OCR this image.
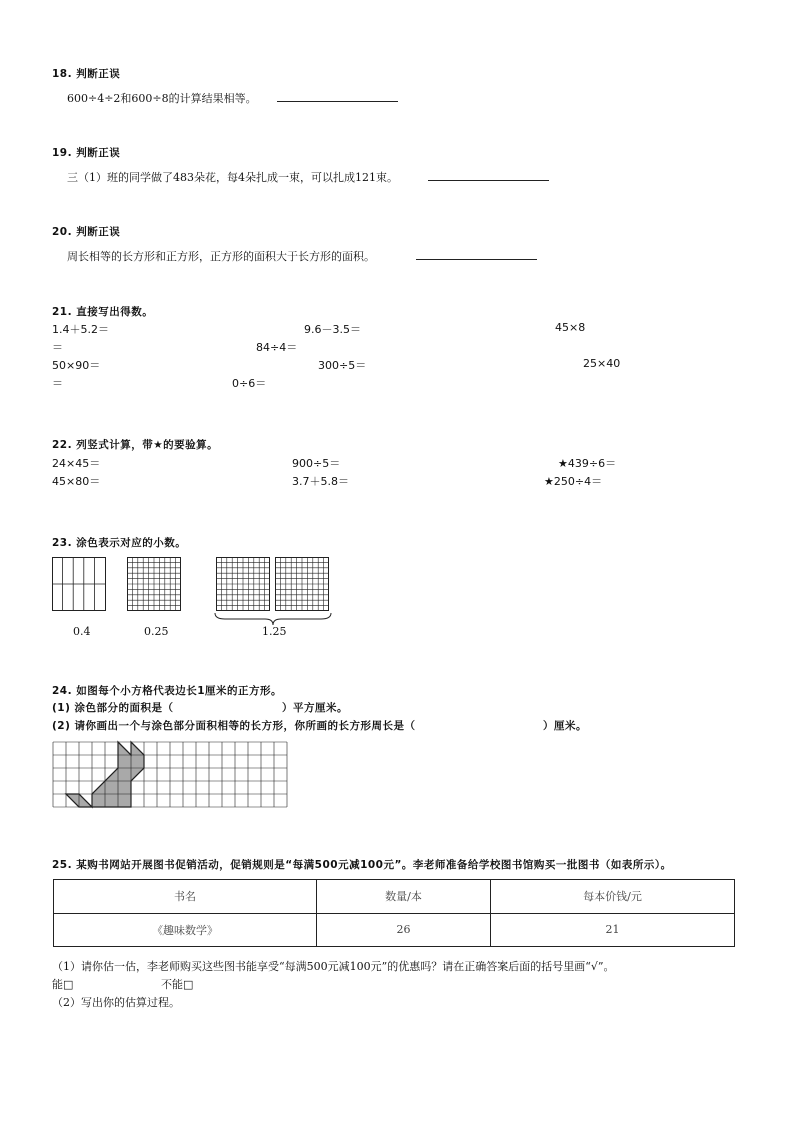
18. 判断正误
600÷4÷2和600÷8的计算结果相等。
19. 判断正误
三（1）班的同学做了483朵花，每4朵扎成一束，可以扎成121束。
20. 判断正误
周长相等的长方形和正方形，正方形的面积大于长方形的面积。
21. 直接写出得数。
1.4＋5.2＝	9.6－3.5＝	45×8
＝	84÷4＝
50×90＝	300÷5＝	25×40
＝	0÷6＝
22. 列竖式计算，带★的要验算。
24×45＝	900÷5＝	★439÷6＝
45×80＝	3.7＋5.8＝	★250÷4＝
23. 涂色表示对应的小数。
0.4	0.25	1.25
24. 如图每个小方格代表边长1厘米的正方形。
(1) 涂色部分的面积是（	）平方厘米。
(2) 请你画出一个与涂色部分面积相等的长方形，你所画的长方形周长是（	）厘米。
25. 某购书网站开展图书促销活动，促销规则是“每满500元减100元”。李老师准备给学校图书馆购买一批图书（如表所示）。
书名	数量/本	每本价钱/元
《趣味数学》	26	21
（1）请你估一估，李老师购买这些图书能享受“每满500元减100元”的优惠吗？请在正确答案后面的括号里画“√”。
能□	不能□
（2）写出你的估算过程。
